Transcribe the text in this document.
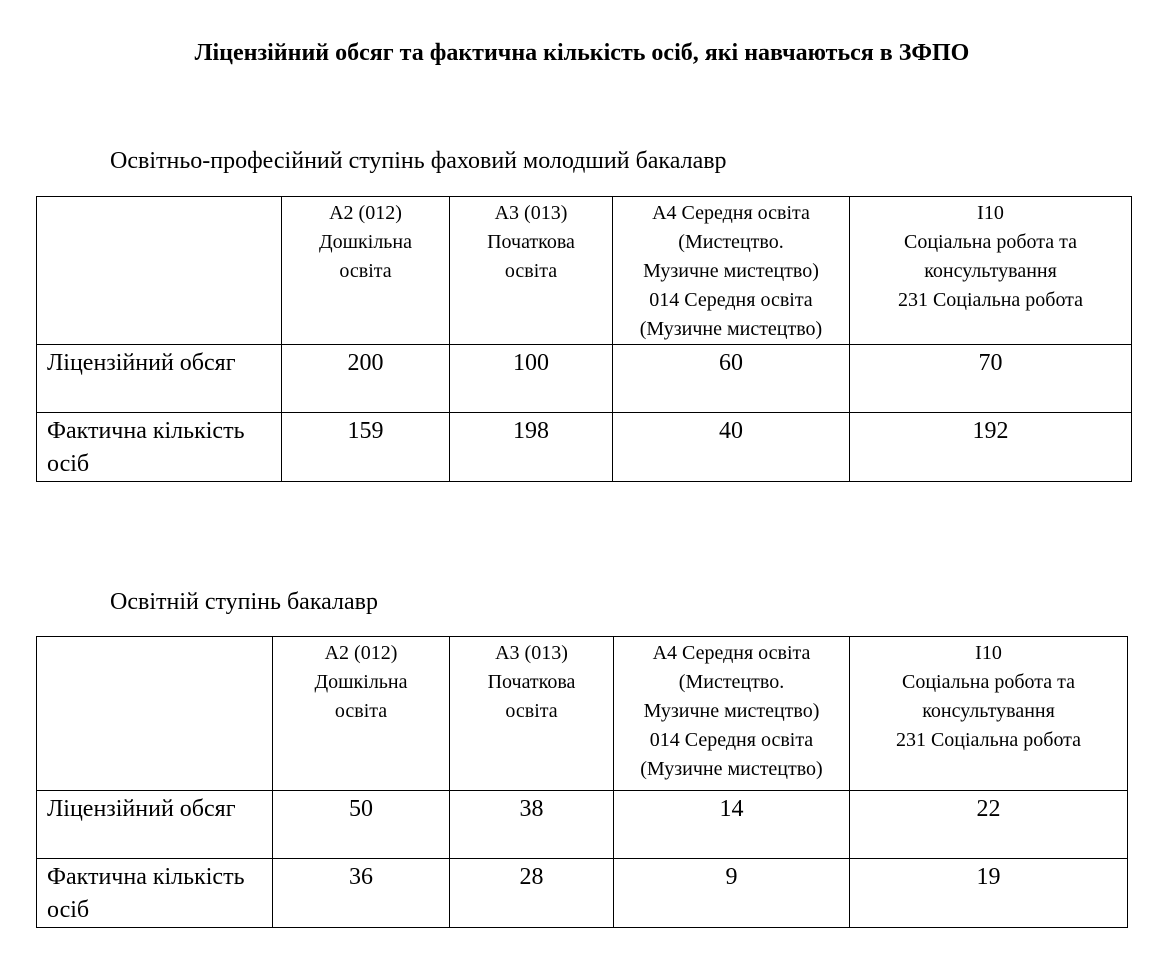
Ліцензійний обсяг та фактична кількість осіб, які навчаються в ЗФПО
Освітньо-професійний ступінь фаховий молодший бакалавр

	А2 (012)
Дошкільна
освіта	А3 (013)
Початкова
освіта	А4 Середня освіта
(Мистецтво.
Музичне мистецтво)
014 Середня освіта
(Музичне мистецтво)	І10
Соціальна робота та
консультування
231 Соціальна робота

Ліцензійний обсяг	200	100	60	70
Фактична кількість осіб	159	198	40	192
Освітній ступінь бакалавр

	А2 (012)
Дошкільна
освіта	А3 (013)
Початкова
освіта	А4 Середня освіта
(Мистецтво.
Музичне мистецтво)
014 Середня освіта
(Музичне мистецтво)	І10
Соціальна робота та
консультування
231 Соціальна робота

Ліцензійний обсяг	50	38	14	22
Фактична кількість осіб	36	28	9	19
